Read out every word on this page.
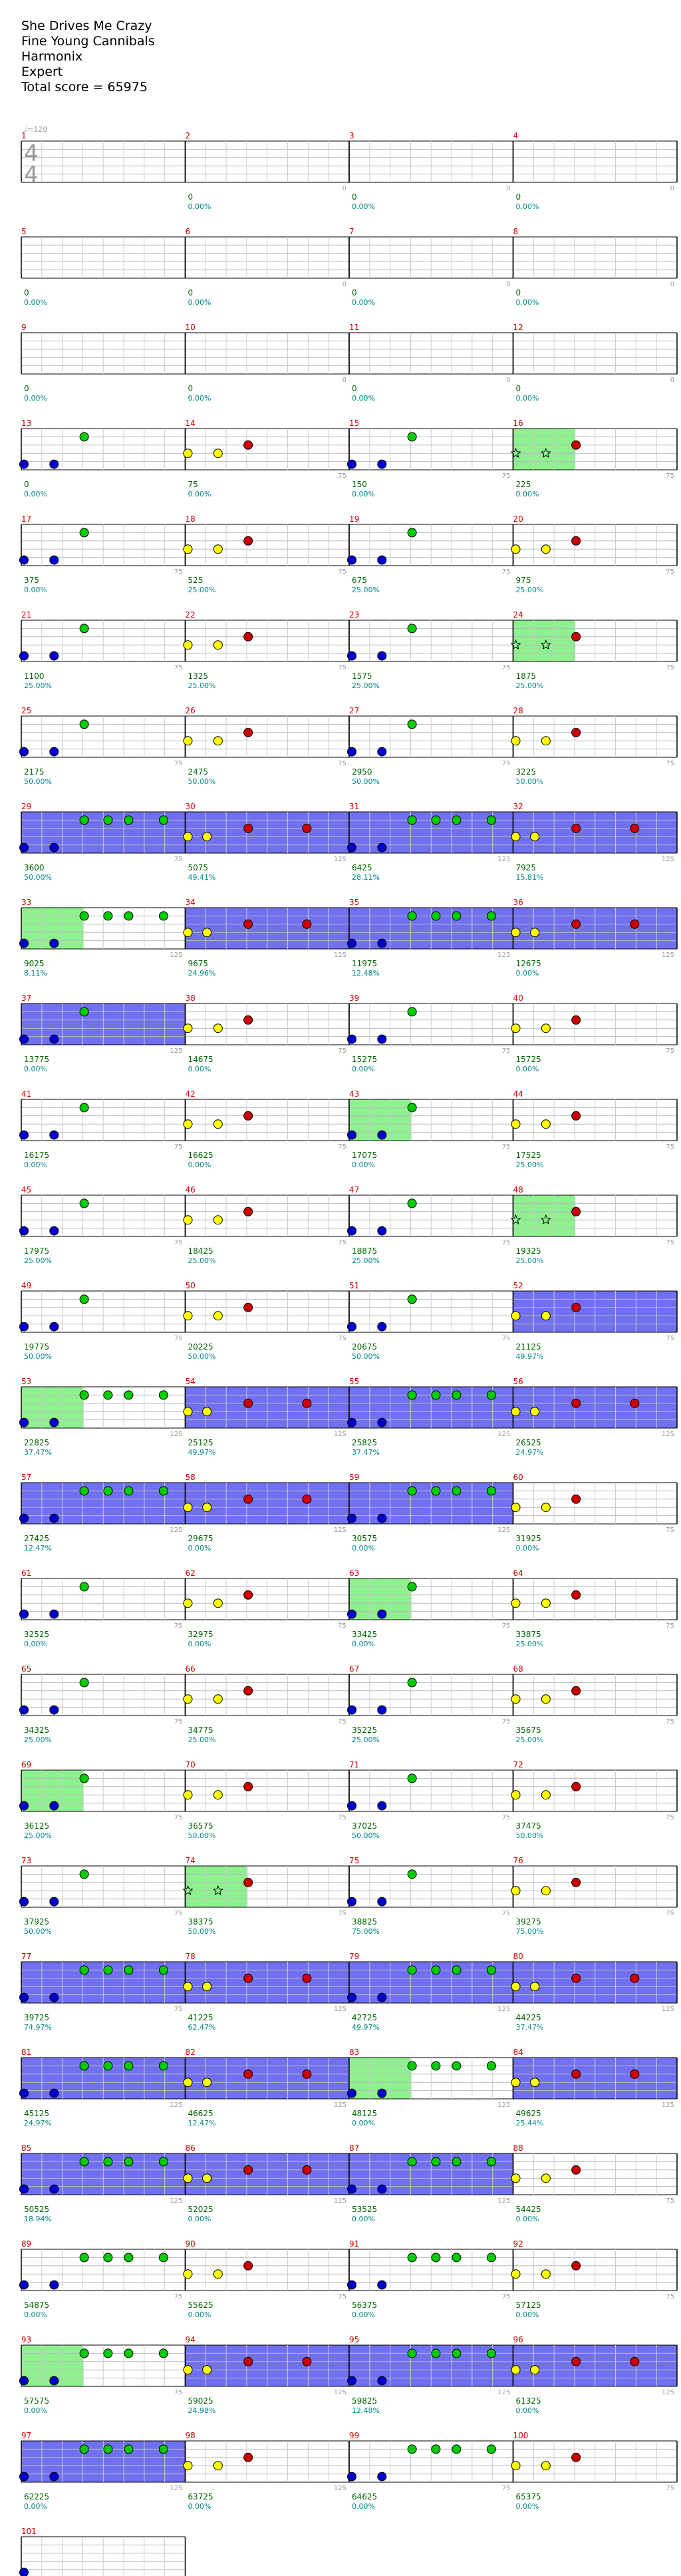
She Drives Me Crazy
Fine Young Cannibals
Harmonix
Expert
Total score = 65975
1	2
0
0
0.00%
3
0
0
0.00%
4
0
0
0.00%
5
0
0.00%
6
0
0
0.00%
7
0
0
0.00%
8
0
0
0.00%
9
0
0.00%
10
0
0
0.00%
11
0
0
0.00%
12
0
0
0.00%
13
0
0.00%
14
75
75
0.00%
15
75
150
0.00%
16
75
225
0.00%
17
75
375
0.00%
18
75
525
25.00%
19
75
675
25.00%
20
75
975
25.00%
21
75
1100
25.00%
22
75
1325
25.00%
23
75
1575
25.00%
24
75
1875
25.00%
25
75
2175
50.00%
26
75
2475
50.00%
27
75
2950
50.00%
28
75
3225
50.00%
29
75
3600
50.00%
30
125
5075
49.41%
31
125
6425
28.11%
32
125
7925
15.81%
33
125
9025
8.11%
34
125
9675
24.96%
35
125
11975
12.48%
36
125
12675
0.00%
37
125
13775
0.00%
38
75
14675
0.00%
39
75
15275
0.00%
40
75
15725
0.00%
41
75
16175
0.00%
42
75
16625
0.00%
43
75
17075
0.00%
44
75
17525
25.00%
45
75
17975
25.00%
46
75
18425
25.00%
47
75
18875
25.00%
48
75
19325
25.00%
49
75
19775
50.00%
50
75
20225
50.00%
51
75
20675
50.00%
52
75
21125
49.97%
53
125
22825
37.47%
54
125
25125
49.97%
55
125
25825
37.47%
56
125
26525
24.97%
57
125
27425
12.47%
58
125
29675
0.00%
59
125
30575
0.00%
60
75
31925
0.00%
61
75
32525
0.00%
62
75
32975
0.00%
63
75
33425
0.00%
64
75
33875
25.00%
65
75
34325
25.00%
66
75
34775
25.00%
67
75
35225
25.00%
68
75
35675
25.00%
69
75
36125
25.00%
70
75
36575
50.00%
71
75
37025
50.00%
72
75
37475
50.00%
73
75
37925
50.00%
74
75
38375
50.00%
75
75
38825
75.00%
76
75
39275
75.00%
77
75
39725
74.97%
78
125
41225
62.47%
79
125
42725
49.97%
80
125
44225
37.47%
81
125
45125
24.97%
82
125
46625
12.47%
83
125
48125
0.00%
84
125
49625
25.44%
85
125
50525
18.94%
86
125
52025
0.00%
87
125
53525
0.00%
88
75
54425
0.00%
89
75
54875
0.00%
90
75
55625
0.00%
91
75
56375
0.00%
92
75
57125
0.00%
93
75
57575
0.00%
94
125
59025
24.98%
95
125
59825
12.48%
96
125
61325
0.00%
97
125
62225
0.00%
98
125
63725
0.00%
99
75
64625
0.00%
100
75
65375
0.00%
101
♩=120
4
4
